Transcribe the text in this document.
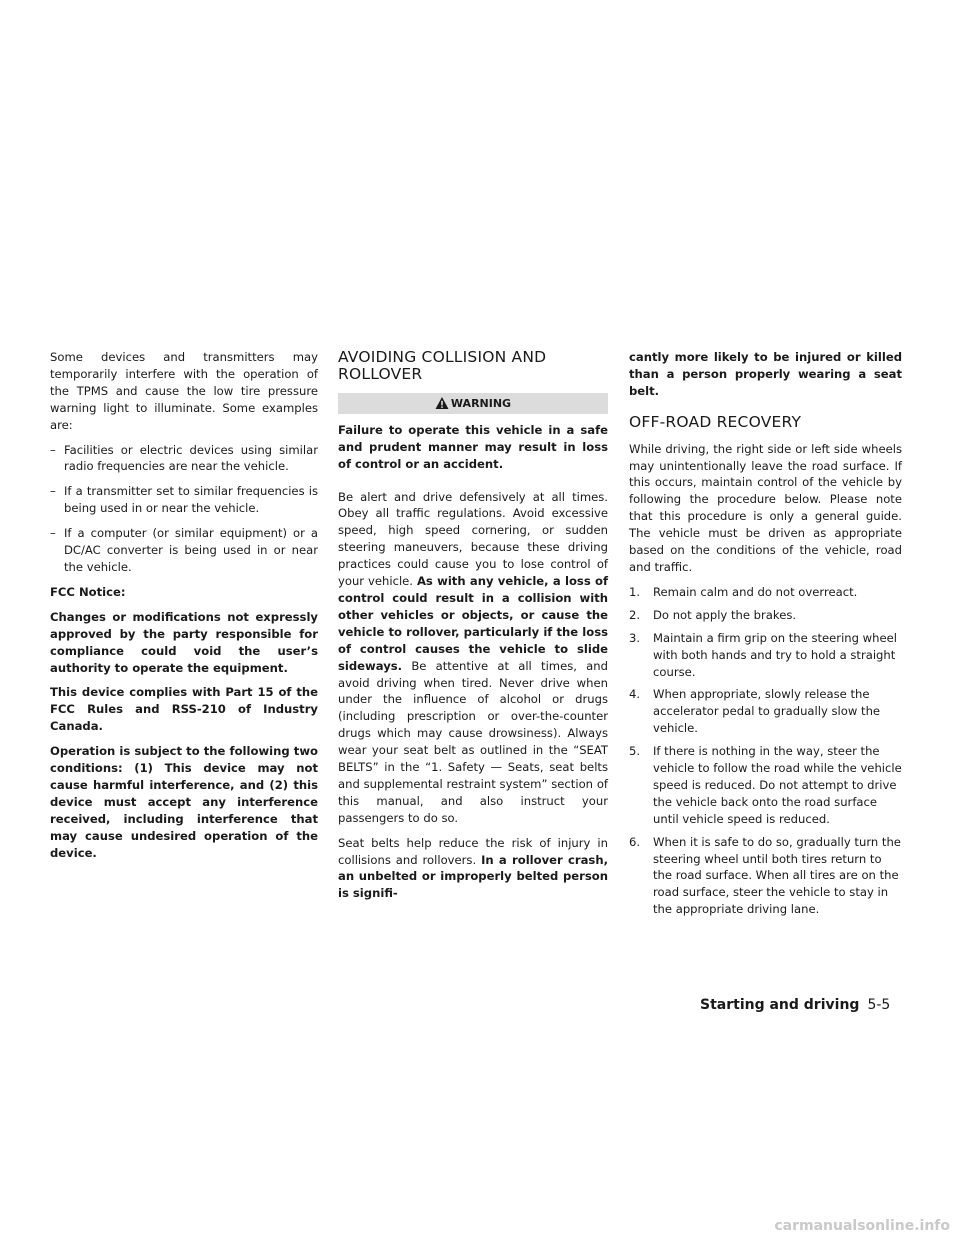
Some devices and transmitters may temporarily interfere with the operation of the TPMS and cause the low tire pressure warning light to illuminate. Some examples are:

– Facilities or electric devices using similar radio frequencies are near the vehicle.
– If a transmitter set to similar frequencies is being used in or near the vehicle.
– If a computer (or similar equipment) or a DC/AC converter is being used in or near the vehicle.

FCC Notice:

Changes or modifications not expressly approved by the party responsible for compliance could void the user’s authority to operate the equipment.

This device complies with Part 15 of the FCC Rules and RSS-210 of Industry Canada.

Operation is subject to the following two conditions: (1) This device may not cause harmful interference, and (2) this device must accept any interference received, including interference that may cause undesired operation of the device.

AVOIDING COLLISION AND ROLLOVER
WARNING
Failure to operate this vehicle in a safe and prudent manner may result in loss of control or an accident.

Be alert and drive defensively at all times. Obey all traffic regulations. Avoid excessive speed, high speed cornering, or sudden steering maneuvers, because these driving practices could cause you to lose control of your vehicle. As with any vehicle, a loss of control could result in a collision with other vehicles or objects, or cause the vehicle to rollover, particularly if the loss of control causes the vehicle to slide sideways. Be attentive at all times, and avoid driving when tired. Never drive when under the influence of alcohol or drugs (including prescription or over-the-counter drugs which may cause drowsiness). Always wear your seat belt as outlined in the “SEAT BELTS” in the “1. Safety — Seats, seat belts and supplemental restraint system” section of this manual, and also instruct your passengers to do so.

Seat belts help reduce the risk of injury in collisions and rollovers. In a rollover crash, an unbelted or improperly belted person is signifi-

cantly more likely to be injured or killed than a person properly wearing a seat belt.

OFF-ROAD RECOVERY

While driving, the right side or left side wheels may unintentionally leave the road surface. If this occurs, maintain control of the vehicle by following the procedure below. Please note that this procedure is only a general guide. The vehicle must be driven as appropriate based on the conditions of the vehicle, road and traffic.

1.	Remain calm and do not overreact.
2.	Do not apply the brakes.
3.	Maintain a firm grip on the steering wheel with both hands and try to hold a straight course.
4.	When appropriate, slowly release the accelerator pedal to gradually slow the vehicle.
5.	If there is nothing in the way, steer the vehicle to follow the road while the vehicle speed is reduced. Do not attempt to drive the vehicle back onto the road surface until vehicle speed is reduced.
6.	When it is safe to do so, gradually turn the steering wheel until both tires return to the road surface. When all tires are on the road surface, steer the vehicle to stay in the appropriate driving lane.
Starting and driving 5-5
carmanualsonline.info
